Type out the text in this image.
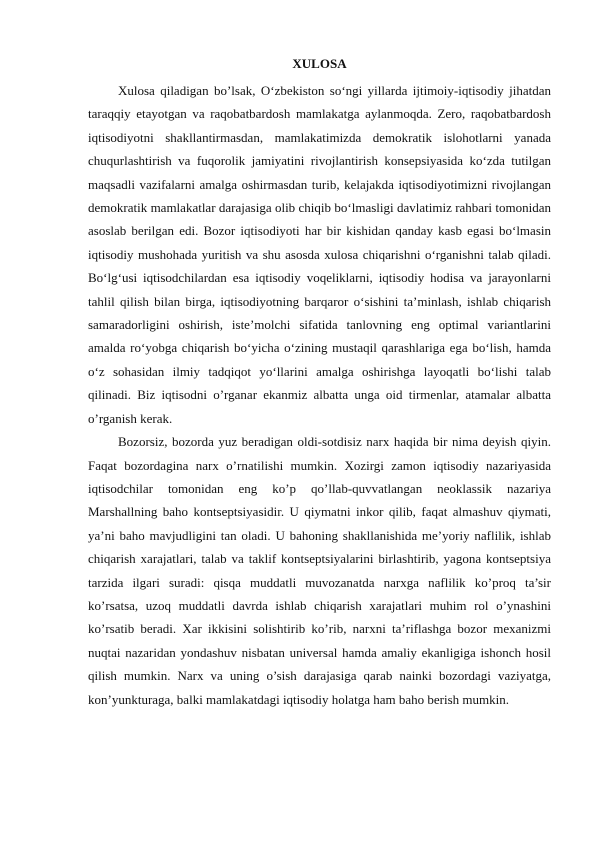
XULOSA

Xulosa qiladigan bo’lsak, O‘zbekiston so‘ngi yillarda ijtimoiy-iqtisodiy jihatdan taraqqiy etayotgan va raqobatbardosh mamlakatga aylanmoqda. Zero, raqobatbardosh iqtisodiyotni shakllantirmasdan, mamlakatimizda demokratik islohotlarni yanada chuqurlashtirish va fuqorolik jamiyatini rivojlantirish konsepsiyasida ko‘zda tutilgan maqsadli vazifalarni amalga oshirmasdan turib, kelajakda iqtisodiyotimizni rivojlangan demokratik mamlakatlar darajasiga olib chiqib bo‘lmasligi davlatimiz rahbari tomonidan asoslab berilgan edi. Bozor iqtisodiyoti har bir kishidan qanday kasb egasi bo‘lmasin iqtisodiy mushohada yuritish va shu asosda xulosa chiqarishni o‘rganishni talab qiladi. Bo‘lg‘usi iqtisodchilardan esa iqtisodiy voqeliklarni, iqtisodiy hodisa va jarayonlarni tahlil qilish bilan birga, iqtisodiyotning barqaror o‘sishini ta’minlash, ishlab chiqarish samaradorligini oshirish, iste’molchi sifatida tanlovning eng optimal variantlarini amalda ro‘yobga chiqarish bo‘yicha o‘zining mustaqil qarashlariga ega bo‘lish, hamda o‘z sohasidan ilmiy tadqiqot yo‘llarini amalga oshirishga layoqatli bo‘lishi talab qilinadi. Biz iqtisodni o’rganar ekanmiz albatta unga oid tirmenlar, atamalar albatta o’rganish kerak.

Bozorsiz, bozorda yuz beradigan oldi-sotdisiz narx haqida bir nima deyish qiyin. Faqat bozordagina narx o’rnatilishi mumkin. Xozirgi zamon iqtisodiy nazariyasida iqtisodchilar tomonidan eng ko’p qo’llab-quvvatlangan neoklassik nazariya Marshallning baho kontseptsiyasidir. U qiymatni inkor qilib, faqat almashuv qiymati, ya’ni baho mavjudligini tan oladi. U bahoning shakllanishida me’yoriy naflilik, ishlab chiqarish xarajatlari, talab va taklif kontseptsiyalarini birlashtirib, yagona kontseptsiya tarzida ilgari suradi: qisqa muddatli muvozanatda narxga naflilik ko’proq ta’sir ko’rsatsa, uzoq muddatli davrda ishlab chiqarish xarajatlari muhim rol o’ynashini ko’rsatib beradi. Xar ikkisini solishtirib ko’rib, narxni ta’riflashga bozor mexanizmi nuqtai nazaridan yondashuv nisbatan universal hamda amaliy ekanligiga ishonch hosil qilish mumkin. Narx va uning o’sish darajasiga qarab nainki bozordagi vaziyatga, kon’yunkturaga, balki mamlakatdagi iqtisodiy holatga ham baho berish mumkin.
